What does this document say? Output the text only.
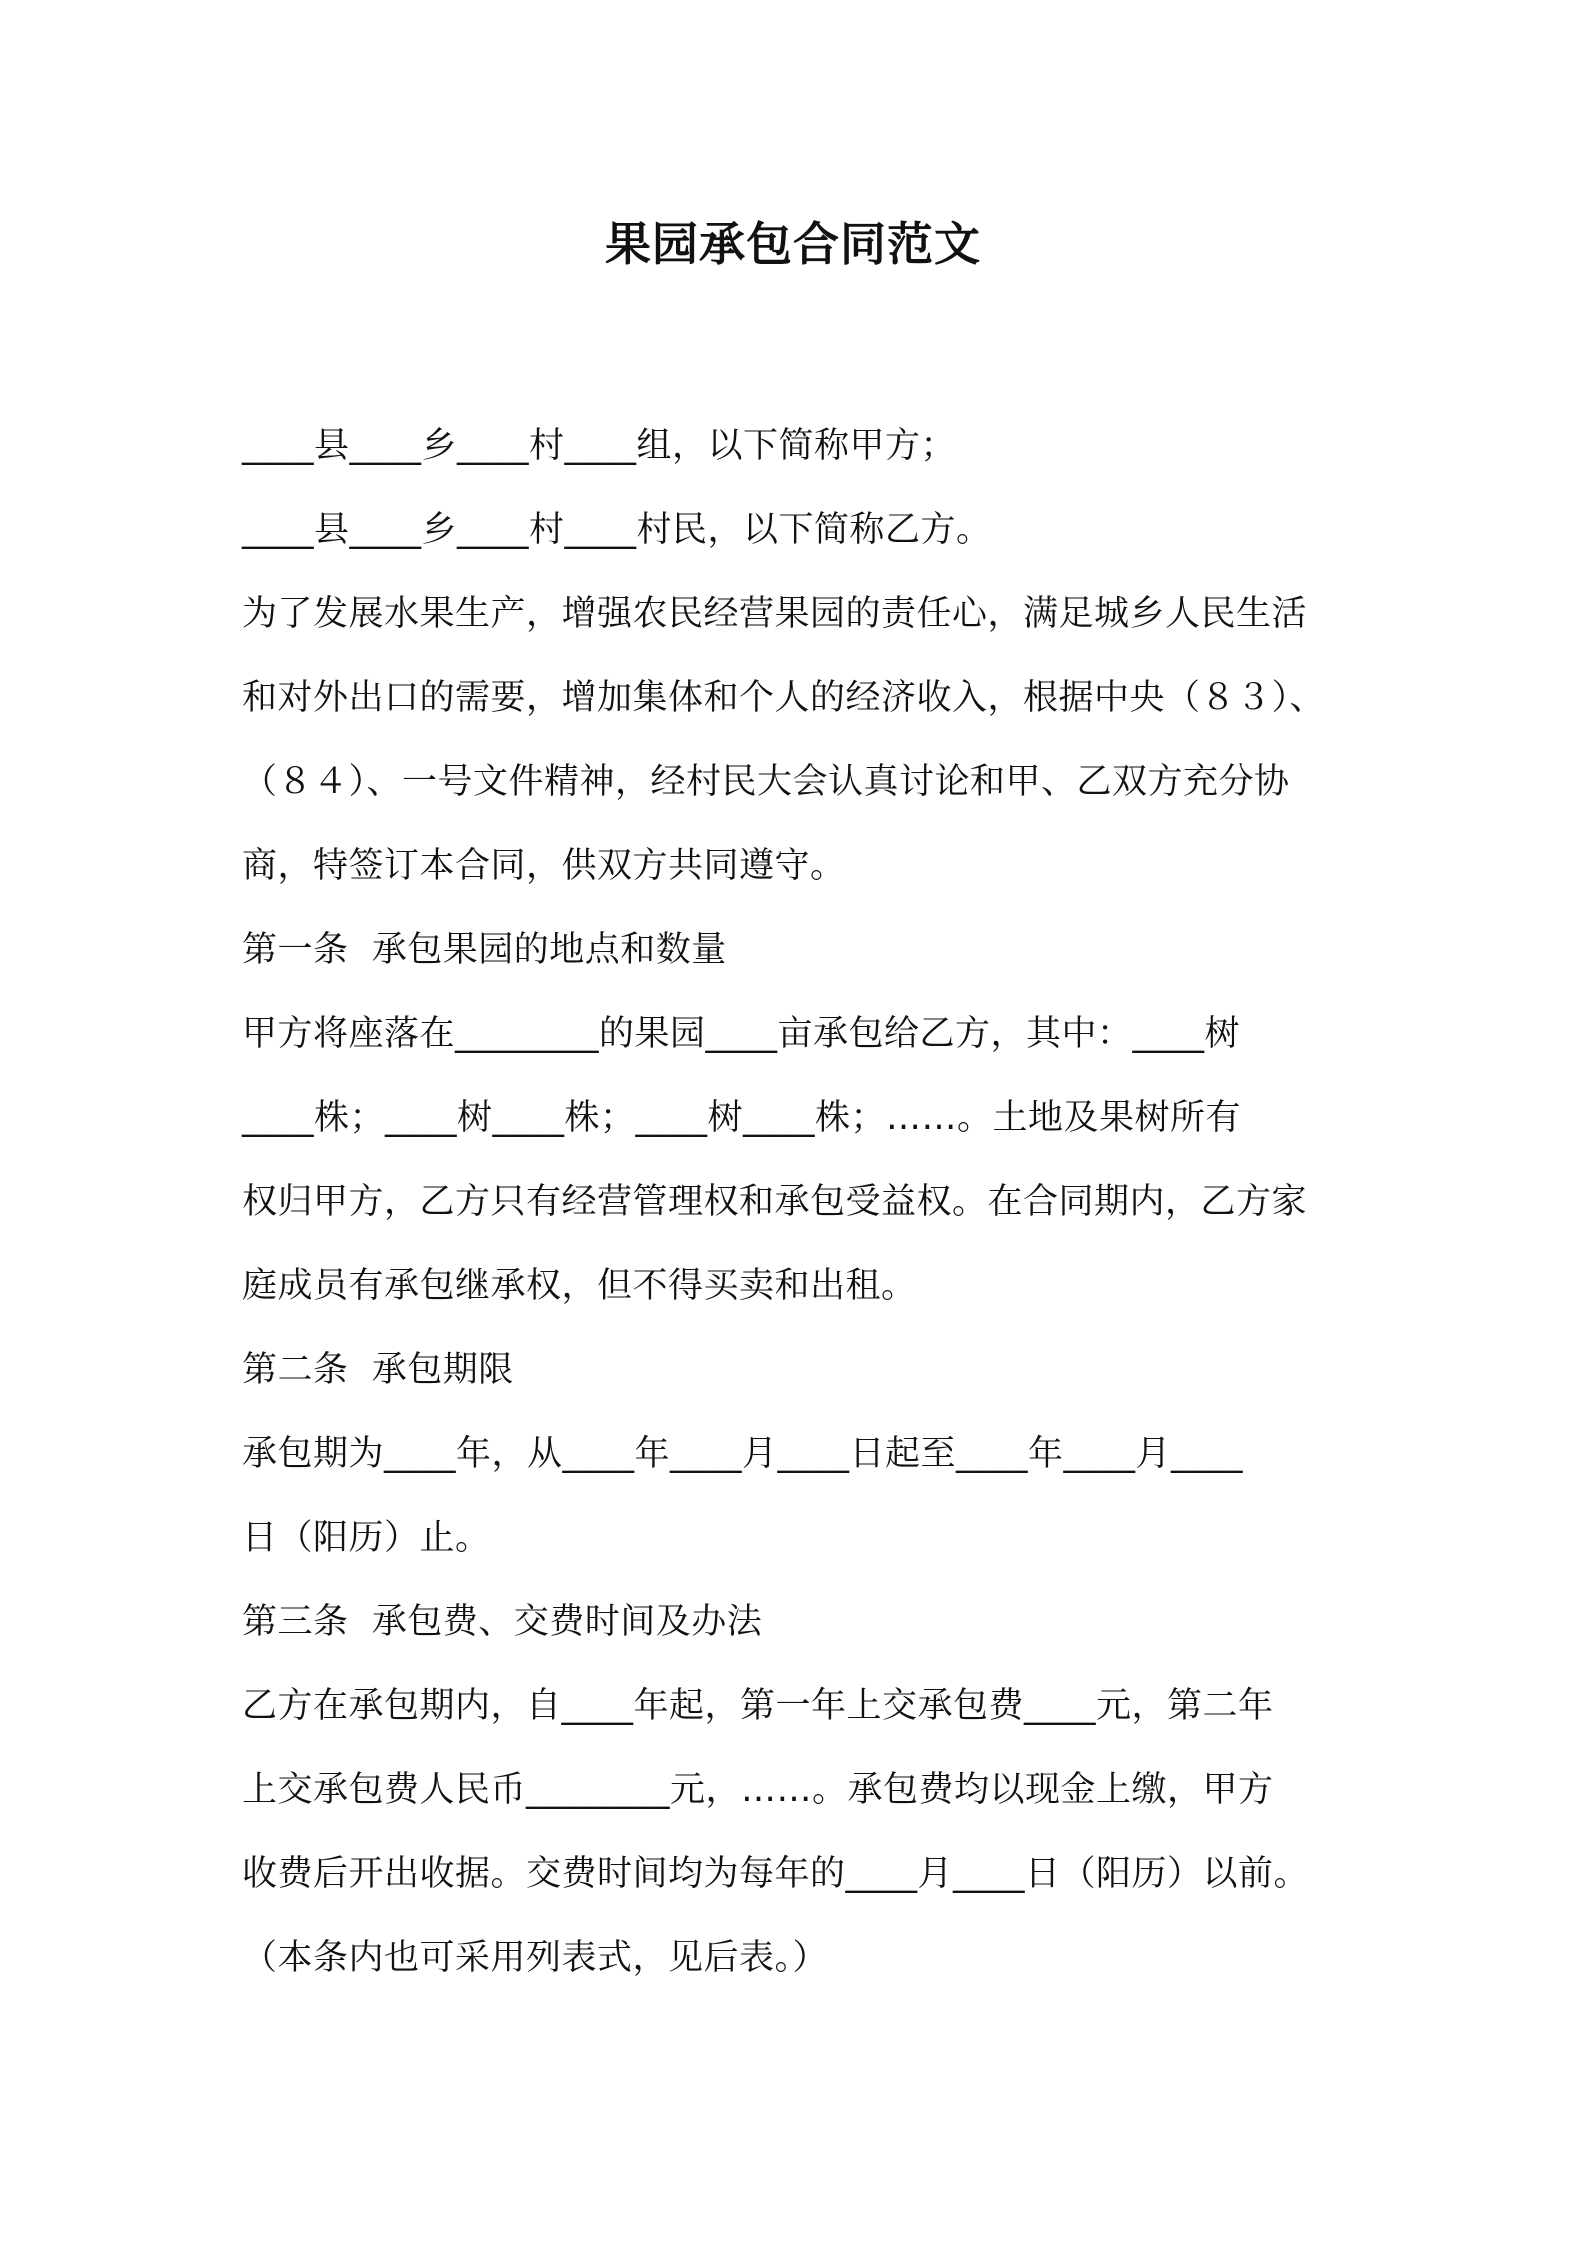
果园承包合同范文
____县____乡____村____组，以下简称甲方；
____县____乡____村____村民，以下简称乙方。
为了发展水果生产，增强农民经营果园的责任心，满足城乡人民生活
和对外出口的需要，增加集体和个人的经济收入，根据中央（８３）、
（８４）、一号文件精神，经村民大会认真讨论和甲、乙双方充分协
商，特签订本合同，供双方共同遵守。
第一条  承包果园的地点和数量
甲方将座落在________的果园____亩承包给乙方，其中：____树
____株；____树____株；____树____株；……。土地及果树所有
权归甲方，乙方只有经营管理权和承包受益权。在合同期内，乙方家
庭成员有承包继承权，但不得买卖和出租。
第二条  承包期限
承包期为____年，从____年____月____日起至____年____月____
日（阳历）止。
第三条  承包费、交费时间及办法
乙方在承包期内，自____年起，第一年上交承包费____元，第二年
上交承包费人民币________元，……。承包费均以现金上缴，甲方
收费后开出收据。交费时间均为每年的____月____日（阳历）以前。
（本条内也可采用列表式，见后表。）
